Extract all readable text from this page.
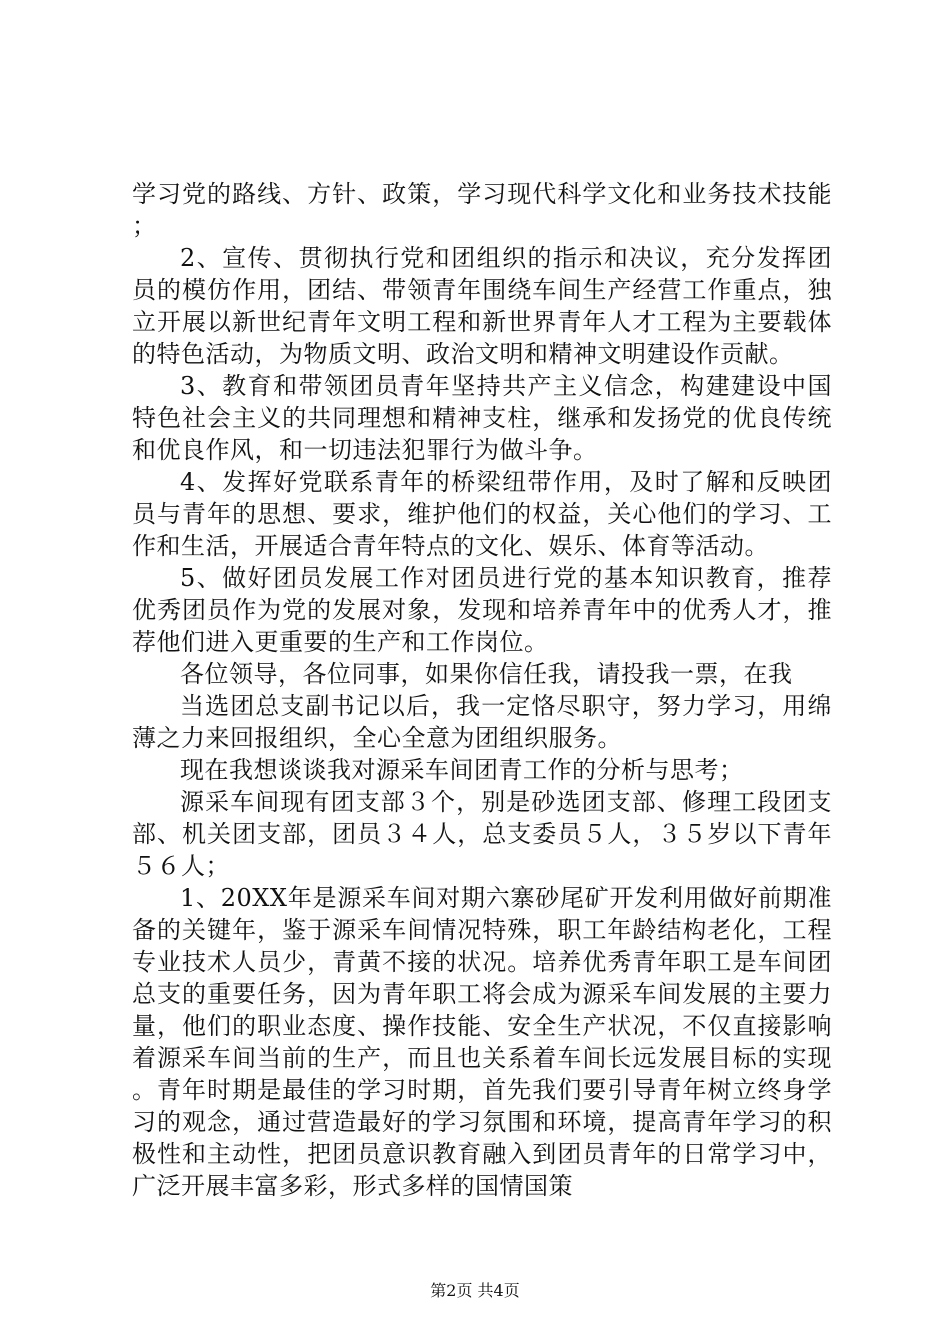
学习党的路线、方针、政策，学习现代科学文化和业务技术技能；

2、宣传、贯彻执行党和团组织的指示和决议，充分发挥团员的模仿作用，团结、带领青年围绕车间生产经营工作重点，独立开展以新世纪青年文明工程和新世界青年人才工程为主要载体的特色活动，为物质文明、政治文明和精神文明建设作贡献。

3、教育和带领团员青年坚持共产主义信念，构建建设中国特色社会主义的共同理想和精神支柱，继承和发扬党的优良传统和优良作风，和一切违法犯罪行为做斗争。

4、发挥好党联系青年的桥梁纽带作用，及时了解和反映团员与青年的思想、要求，维护他们的权益，关心他们的学习、工作和生活，开展适合青年特点的文化、娱乐、体育等活动。

5、做好团员发展工作对团员进行党的基本知识教育，推荐优秀团员作为党的发展对象，发现和培养青年中的优秀人才，推荐他们进入更重要的生产和工作岗位。

各位领导，各位同事，如果你信任我，请投我一票，在我

当选团总支副书记以后，我一定恪尽职守，努力学习，用绵薄之力来回报组织，全心全意为团组织服务。

现在我想谈谈我对源采车间团青工作的分析与思考；

源采车间现有团支部３个，别是砂选团支部、修理工段团支部、机关团支部，团员３４人，总支委员５人，３５岁以下青年５６人；

1、20XX年是源采车间对期六寨砂尾矿开发利用做好前期准备的关键年，鉴于源采车间情况特殊，职工年龄结构老化，工程专业技术人员少，青黄不接的状况。培养优秀青年职工是车间团总支的重要任务，因为青年职工将会成为源采车间发展的主要力量，他们的职业态度、操作技能、安全生产状况，不仅直接影响着源采车间当前的生产，而且也关系着车间长远发展目标的实现。青年时期是最佳的学习时期，首先我们要引导青年树立终身学习的观念，通过营造最好的学习氛围和环境，提高青年学习的积极性和主动性，把团员意识教育融入到团员青年的日常学习中，广泛开展丰富多彩，形式多样的国情国策

第2页 共4页
